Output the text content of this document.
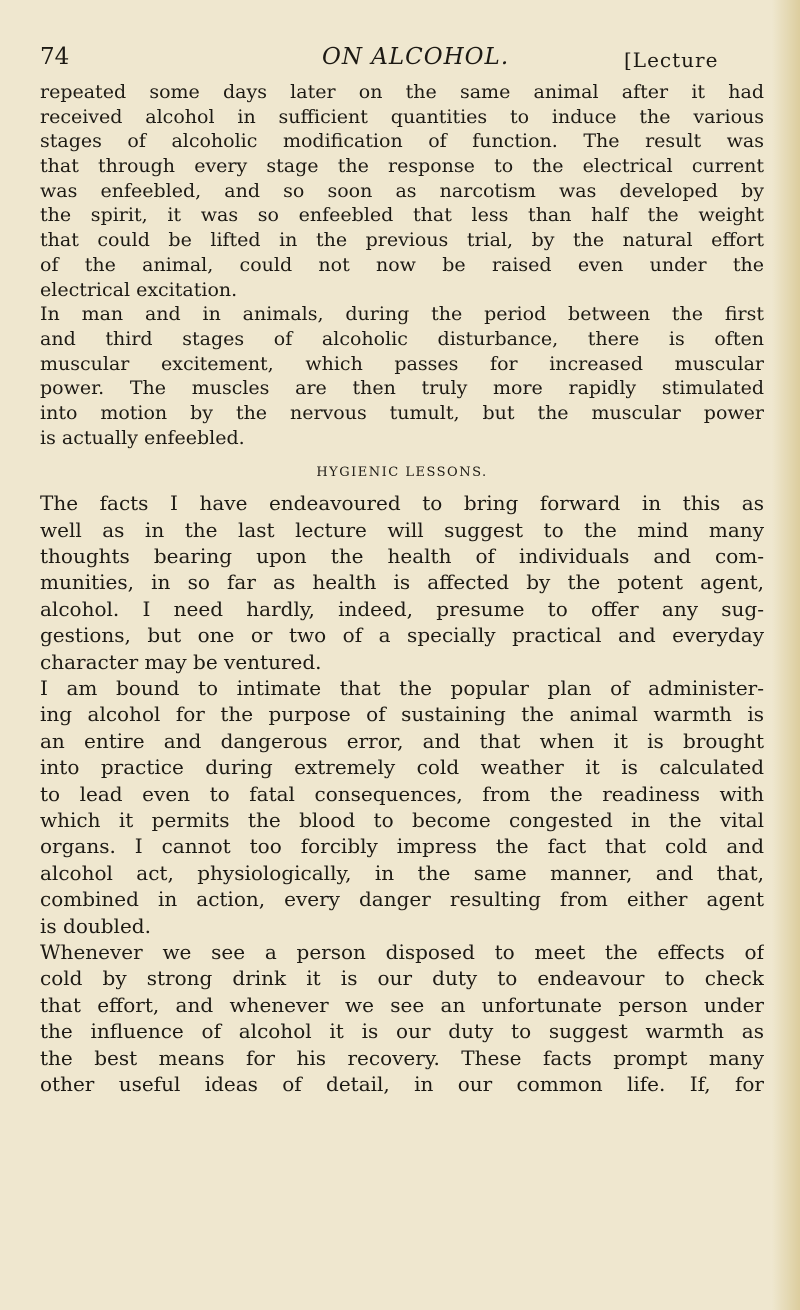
74	ON ALCOHOL.	[Lecture
repeated some days later on the same animal after it had
received alcohol in sufficient quantities to induce the various
stages of alcoholic modification of function. The result was
that through every stage the response to the electrical current
was enfeebled, and so soon as narcotism was developed by
the spirit, it was so enfeebled that less than half the weight
that could be lifted in the previous trial, by the natural effort
of the animal, could not now be raised even under the
electrical excitation.
In man and in animals, during the period between the first
and third stages of alcoholic disturbance, there is often
muscular excitement, which passes for increased muscular
power. The muscles are then truly more rapidly stimulated
into motion by the nervous tumult, but the muscular power
is actually enfeebled.
HYGIENIC LESSONS.
The facts I have endeavoured to bring forward in this as
well as in the last lecture will suggest to the mind many
thoughts bearing upon the health of individuals and com-
munities, in so far as health is affected by the potent agent,
alcohol. I need hardly, indeed, presume to offer any sug-
gestions, but one or two of a specially practical and everyday
character may be ventured.
I am bound to intimate that the popular plan of administer-
ing alcohol for the purpose of sustaining the animal warmth is
an entire and dangerous error, and that when it is brought
into practice during extremely cold weather it is calculated
to lead even to fatal consequences, from the readiness with
which it permits the blood to become congested in the vital
organs. I cannot too forcibly impress the fact that cold and
alcohol act, physiologically, in the same manner, and that,
combined in action, every danger resulting from either agent
is doubled.
Whenever we see a person disposed to meet the effects of
cold by strong drink it is our duty to endeavour to check
that effort, and whenever we see an unfortunate person under
the influence of alcohol it is our duty to suggest warmth as
the best means for his recovery. These facts prompt many
other useful ideas of detail, in our common life. If, for
